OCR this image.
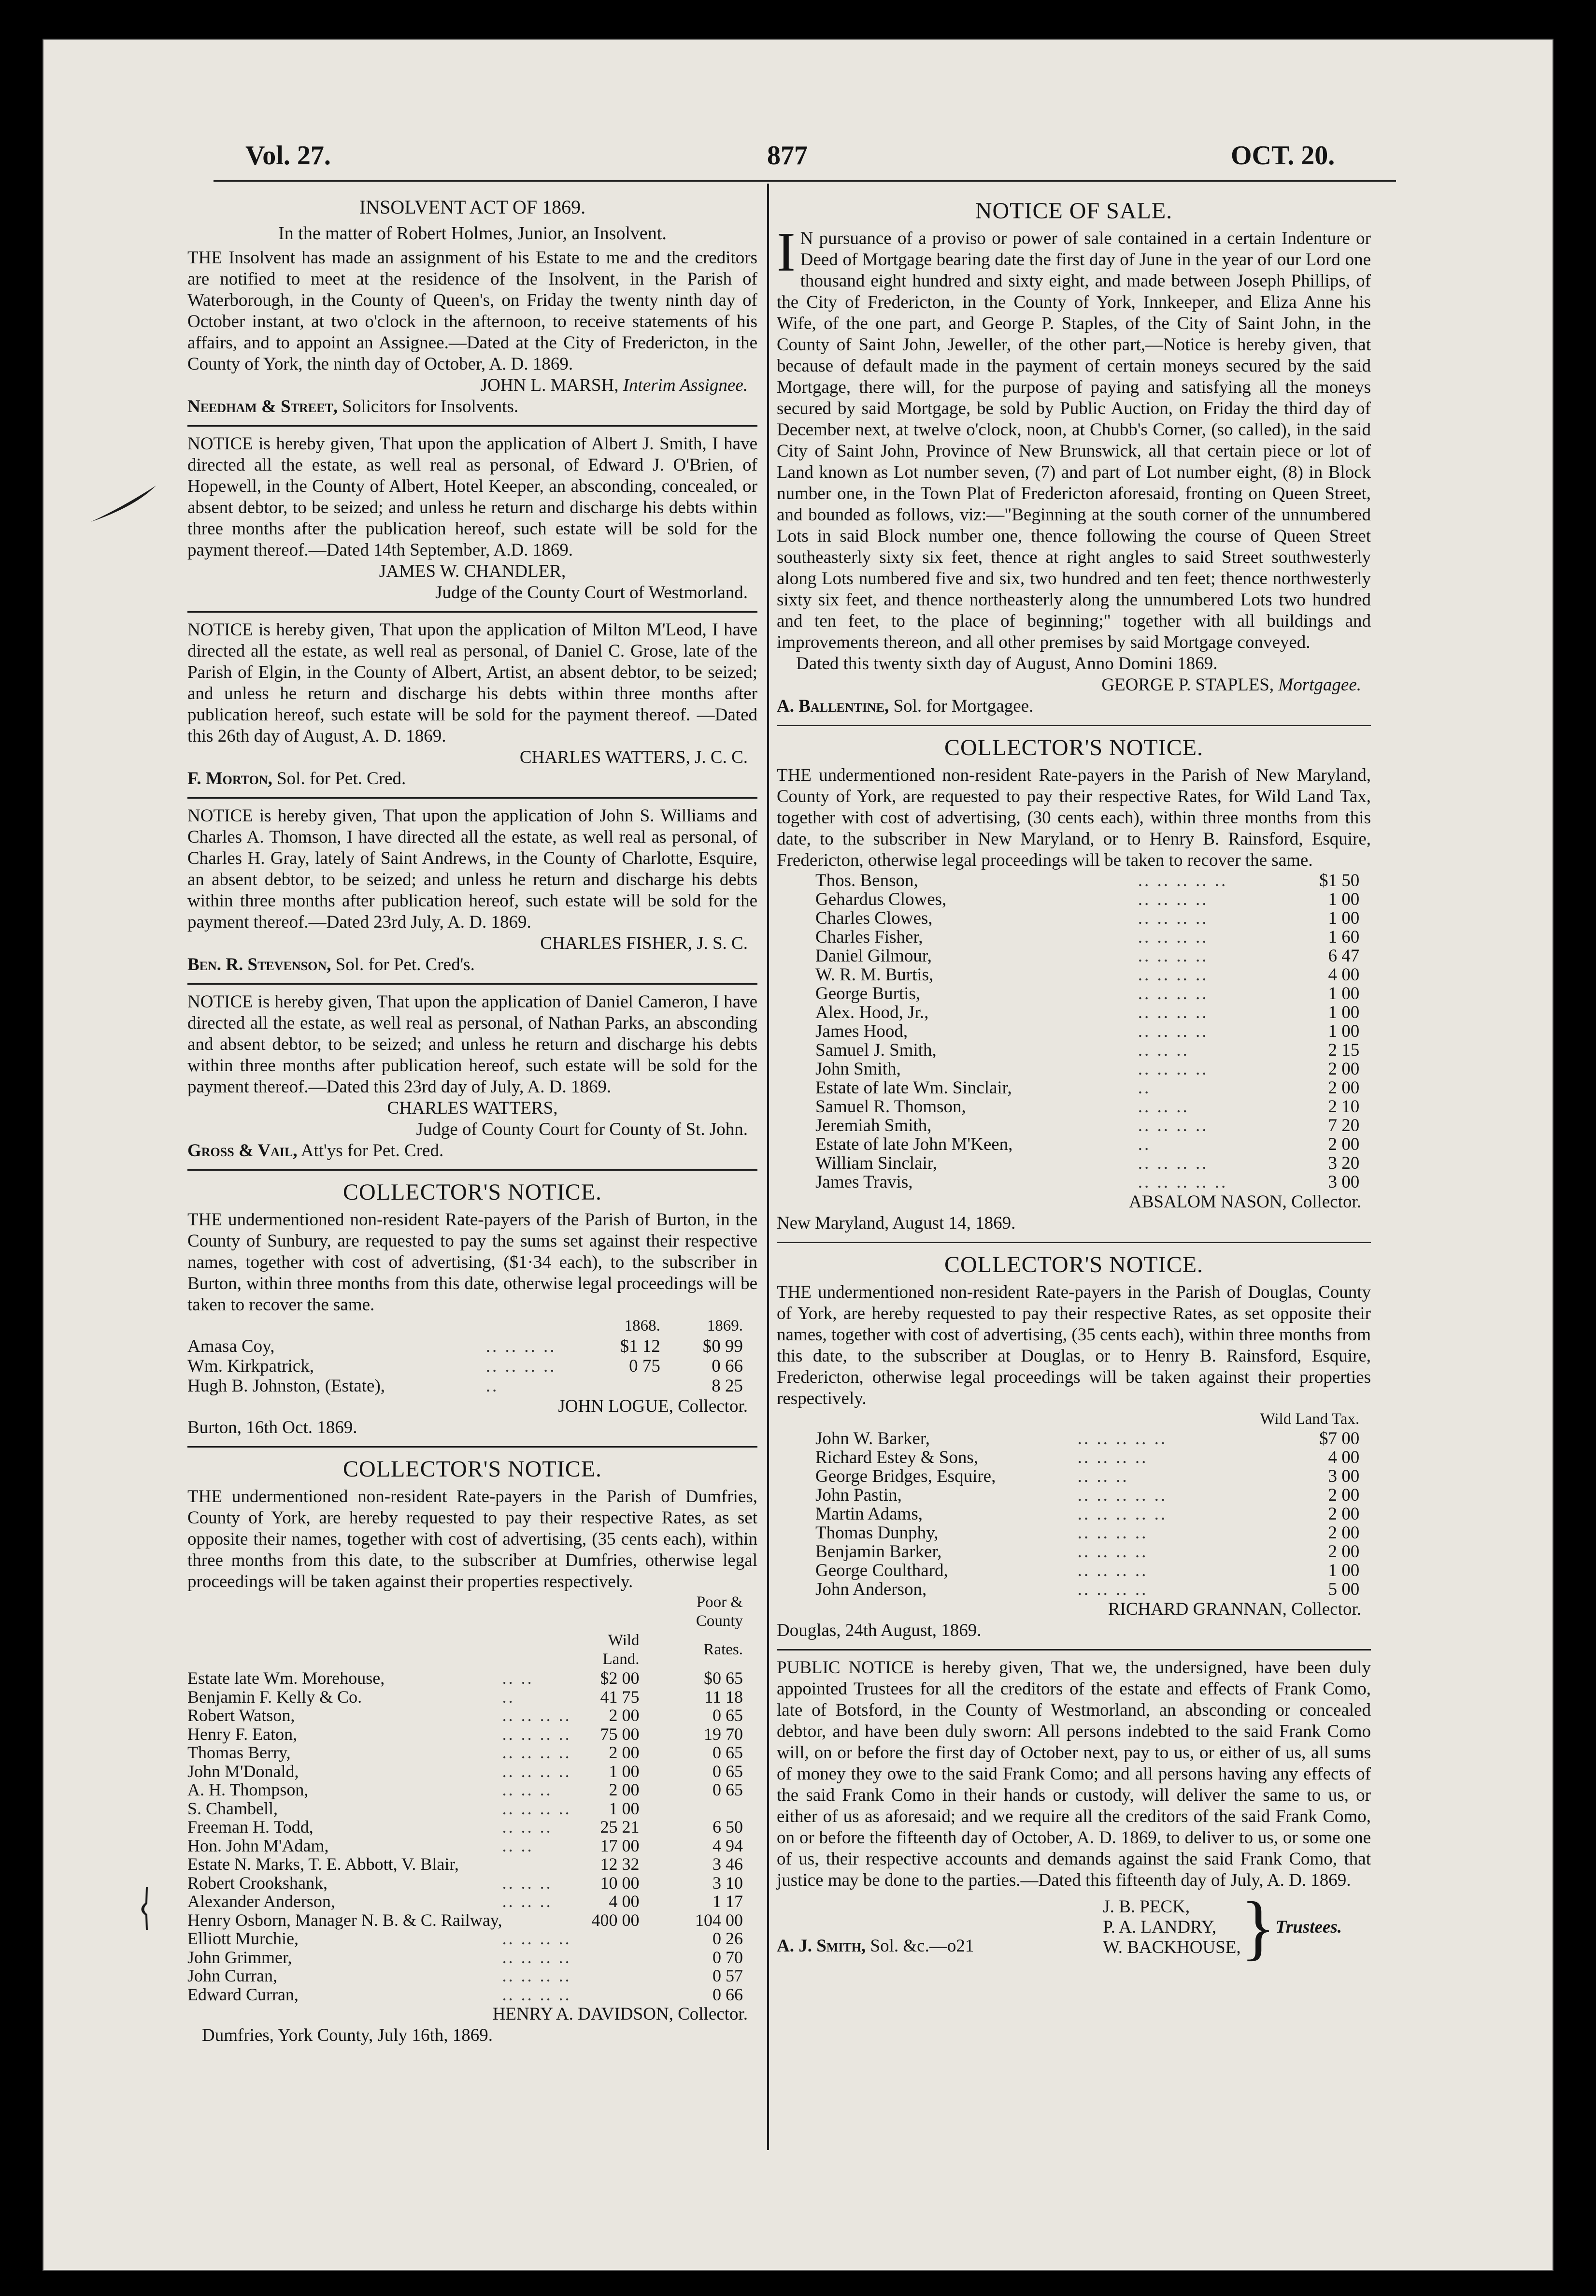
Vol. 27.	877	OCT. 20.
INSOLVENT ACT OF 1869.
In the matter of Robert Holmes, Junior, an Insolvent.

THE Insolvent has made an assignment of his Estate to me and the creditors are notified to meet at the residence of the Insolvent, in the Parish of Waterborough, in the County of Queen's, on Friday the twenty ninth day of October instant, at two o'clock in the afternoon, to receive statements of his affairs, and to appoint an Assignee.—Dated at the City of Fredericton, in the County of York, the ninth day of October, A. D. 1869.

JOHN L. MARSH, Interim Assignee.
Needham & Street, Solicitors for Insolvents.

NOTICE is hereby given, That upon the application of Albert J. Smith, I have directed all the estate, as well real as personal, of Edward J. O'Brien, of Hopewell, in the County of Albert, Hotel Keeper, an absconding, concealed, or absent debtor, to be seized; and unless he return and discharge his debts within three months after the publication hereof, such estate will be sold for the payment thereof.—Dated 14th September, A.D. 1869.

JAMES W. CHANDLER,
Judge of the County Court of Westmorland.

NOTICE is hereby given, That upon the application of Milton M'Leod, I have directed all the estate, as well real as personal, of Daniel C. Grose, late of the Parish of Elgin, in the County of Albert, Artist, an absent debtor, to be seized; and unless he return and discharge his debts within three months after publication hereof, such estate will be sold for the payment thereof. —Dated this 26th day of August, A. D. 1869.

CHARLES WATTERS, J. C. C.
F. Morton, Sol. for Pet. Cred.

NOTICE is hereby given, That upon the application of John S. Williams and Charles A. Thomson, I have directed all the estate, as well real as personal, of Charles H. Gray, lately of Saint Andrews, in the County of Charlotte, Esquire, an absent debtor, to be seized; and unless he return and discharge his debts within three months after publication hereof, such estate will be sold for the payment thereof.—Dated 23rd July, A. D. 1869.

CHARLES FISHER, J. S. C.
Ben. R. Stevenson, Sol. for Pet. Cred's.

NOTICE is hereby given, That upon the application of Daniel Cameron, I have directed all the estate, as well real as personal, of Nathan Parks, an absconding and absent debtor, to be seized; and unless he return and discharge his debts within three months after publication hereof, such estate will be sold for the payment thereof.—Dated this 23rd day of July, A. D. 1869.

CHARLES WATTERS,
Judge of County Court for County of St. John.
Gross & Vail, Att'ys for Pet. Cred.
COLLECTOR'S NOTICE.

THE undermentioned non-resident Rate-payers of the Parish of Burton, in the County of Sunbury, are requested to pay the sums set against their respective names, together with cost of advertising, ($1·34 each), to the subscriber in Burton, within three months from this date, otherwise legal proceedings will be taken to recover the same.

		1868.	1869.
Amasa Coy,	.. .. .. ..	$1 12	$0 99
Wm. Kirkpatrick,	.. .. .. ..	0 75	0 66
Hugh B. Johnston, (Estate),	..		8 25
JOHN LOGUE, Collector.
Burton, 16th Oct. 1869.
COLLECTOR'S NOTICE.

THE undermentioned non-resident Rate-payers in the Parish of Dumfries, County of York, are hereby requested to pay their respective Rates, as set opposite their names, together with cost of advertising, (35 cents each), within three months from this date, to the subscriber at Dumfries, otherwise legal proceedings will be taken against their properties respectively.

			Poor & County
		Wild Land.	Rates.
Estate late Wm. Morehouse,	.. ..	$2 00	$0 65
Benjamin F. Kelly & Co.	..	41 75	11 18
Robert Watson,	.. .. .. ..	2 00	0 65
Henry F. Eaton,	.. .. .. ..	75 00	19 70
Thomas Berry,	.. .. .. ..	2 00	0 65
John M'Donald,	.. .. .. ..	1 00	0 65
A. H. Thompson,	.. .. ..	2 00	0 65
S. Chambell,	.. .. .. ..	1 00	
Freeman H. Todd,	.. .. ..	25 21	6 50
Hon. John M'Adam,	.. ..	17 00	4 94
Estate N. Marks, T. E. Abbott, V. Blair,		12 32	3 46
Robert Crookshank,	.. .. ..	10 00	3 10
Alexander Anderson,	.. .. ..	4 00	1 17
Henry Osborn, Manager N. B. & C. Railway,		400 00	104 00
Elliott Murchie,	.. .. .. ..		0 26
John Grimmer,	.. .. .. ..		0 70
John Curran,	.. .. .. ..		0 57
Edward Curran,	.. .. .. ..		0 66
HENRY A. DAVIDSON, Collector.
Dumfries, York County, July 16th, 1869.
NOTICE OF SALE.

I N pursuance of a proviso or power of sale contained in a certain Indenture or Deed of Mortgage bearing date the first day of June in the year of our Lord one thousand eight hundred and sixty eight, and made between Joseph Phillips, of the City of Fredericton, in the County of York, Innkeeper, and Eliza Anne his Wife, of the one part, and George P. Staples, of the City of Saint John, in the County of Saint John, Jeweller, of the other part,—Notice is hereby given, that because of default made in the payment of certain moneys secured by the said Mortgage, there will, for the purpose of paying and satisfying all the moneys secured by said Mortgage, be sold by Public Auction, on Friday the third day of December next, at twelve o'clock, noon, at Chubb's Corner, (so called), in the said City of Saint John, Province of New Brunswick, all that certain piece or lot of Land known as Lot number seven, (7) and part of Lot number eight, (8) in Block number one, in the Town Plat of Fredericton aforesaid, fronting on Queen Street, and bounded as follows, viz:—"Beginning at the south corner of the unnumbered Lots in said Block number one, thence following the course of Queen Street southeasterly sixty six feet, thence at right angles to said Street southwesterly along Lots numbered five and six, two hundred and ten feet; thence northwesterly sixty six feet, and thence northeasterly along the unnumbered Lots two hundred and ten feet, to the place of beginning;" together with all buildings and improvements thereon, and all other premises by said Mortgage conveyed.

Dated this twenty sixth day of August, Anno Domini 1869.
GEORGE P. STAPLES, Mortgagee.
A. Ballentine, Sol. for Mortgagee.
COLLECTOR'S NOTICE.

THE undermentioned non-resident Rate-payers in the Parish of New Maryland, County of York, are requested to pay their respective Rates, for Wild Land Tax, together with cost of advertising, (30 cents each), within three months from this date, to the subscriber in New Maryland, or to Henry B. Rainsford, Esquire, Fredericton, otherwise legal proceedings will be taken to recover the same.

Thos. Benson,	.. .. .. .. ..	$1 50
Gehardus Clowes,	.. .. .. ..	1 00
Charles Clowes,	.. .. .. ..	1 00
Charles Fisher,	.. .. .. ..	1 60
Daniel Gilmour,	.. .. .. ..	6 47
W. R. M. Burtis,	.. .. .. ..	4 00
George Burtis,	.. .. .. ..	1 00
Alex. Hood, Jr.,	.. .. .. ..	1 00
James Hood,	.. .. .. ..	1 00
Samuel J. Smith,	.. .. ..	2 15
John Smith,	.. .. .. ..	2 00
Estate of late Wm. Sinclair,	..	2 00
Samuel R. Thomson,	.. .. ..	2 10
Jeremiah Smith,	.. .. .. ..	7 20
Estate of late John M'Keen,	..	2 00
William Sinclair,	.. .. .. ..	3 20
James Travis,	.. .. .. .. ..	3 00
ABSALOM NASON, Collector.
New Maryland, August 14, 1869.
COLLECTOR'S NOTICE.

THE undermentioned non-resident Rate-payers in the Parish of Douglas, County of York, are hereby requested to pay their respective Rates, as set opposite their names, together with cost of advertising, (35 cents each), within three months from this date, to the subscriber at Douglas, or to Henry B. Rainsford, Esquire, Fredericton, otherwise legal proceedings will be taken against their properties respectively.

		Wild Land Tax.
John W. Barker,	.. .. .. .. ..	$7 00
Richard Estey & Sons,	.. .. .. ..	4 00
George Bridges, Esquire,	.. .. ..	3 00
John Pastin,	.. .. .. .. ..	2 00
Martin Adams,	.. .. .. .. ..	2 00
Thomas Dunphy,	.. .. .. ..	2 00
Benjamin Barker,	.. .. .. ..	2 00
George Coulthard,	.. .. .. ..	1 00
John Anderson,	.. .. .. ..	5 00
RICHARD GRANNAN, Collector.
Douglas, 24th August, 1869.

PUBLIC NOTICE is hereby given, That we, the undersigned, have been duly appointed Trustees for all the creditors of the estate and effects of Frank Como, late of Botsford, in the County of Westmorland, an absconding or concealed debtor, and have been duly sworn: All persons indebted to the said Frank Como will, on or before the first day of October next, pay to us, or either of us, all sums of money they owe to the said Frank Como; and all persons having any effects of the said Frank Como in their hands or custody, will deliver the same to us, or either of us as aforesaid; and we require all the creditors of the said Frank Como, on or before the fifteenth day of October, A. D. 1869, to deliver to us, or some one of us, their respective accounts and demands against the said Frank Como, that justice may be done to the parties.—Dated this fifteenth day of July, A. D. 1869.

A. J. Smith, Sol. &c.—o21
J. B. PECK,
P. A. LANDRY,
W. BACKHOUSE, } Trustees.
